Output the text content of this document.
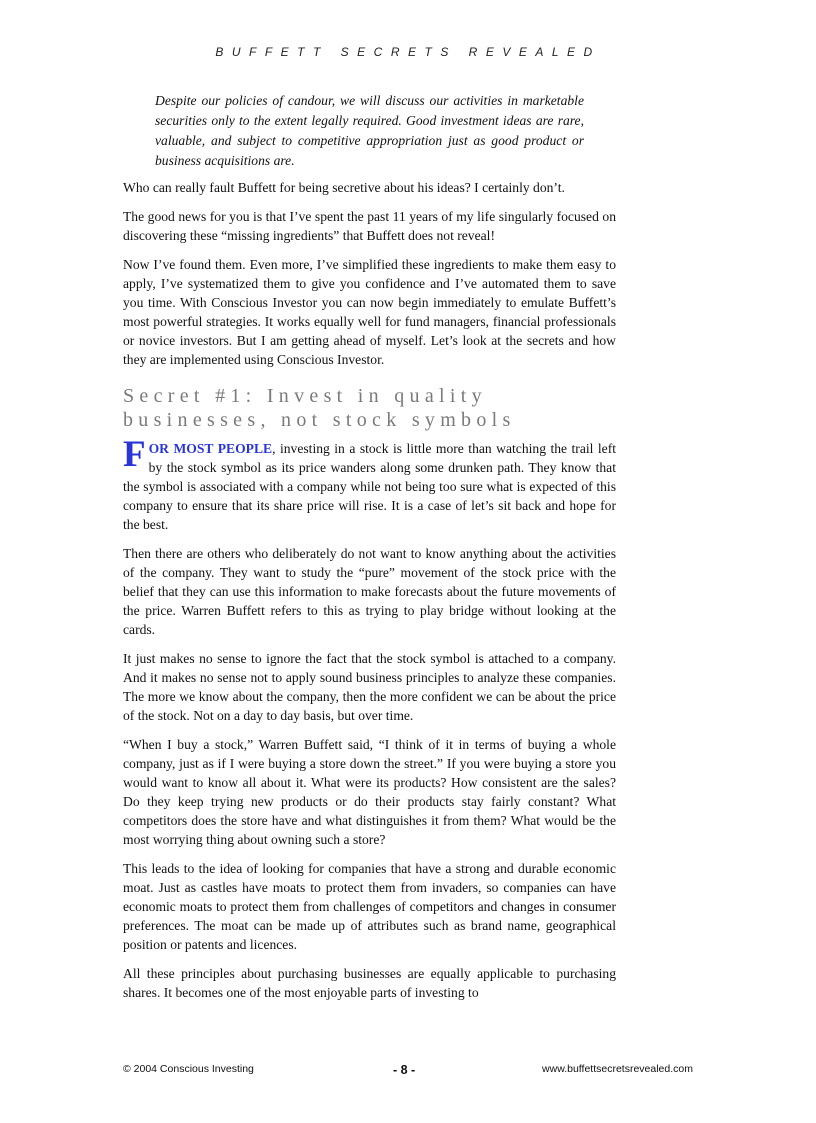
BUFFETT SECRETS REVEALED

Despite our policies of candour, we will discuss our activities in marketable securities only to the extent legally required. Good investment ideas are rare, valuable, and subject to competitive appropriation just as good product or business acquisitions are.

Who can really fault Buffett for being secretive about his ideas? I certainly don’t.

The good news for you is that I’ve spent the past 11 years of my life singularly focused on discovering these “missing ingredients” that Buffett does not reveal!

Now I’ve found them. Even more, I’ve simplified these ingredients to make them easy to apply, I’ve systematized them to give you confidence and I’ve automated them to save you time. With Conscious Investor you can now begin immediately to emulate Buffett’s most powerful strategies. It works equally well for fund managers, financial professionals or novice investors. But I am getting ahead of myself. Let’s look at the secrets and how they are implemented using Conscious Investor.

Secret #1: Invest in quality businesses, not stock symbols

FOR MOST PEOPLE, investing in a stock is little more than watching the trail left by the stock symbol as its price wanders along some drunken path. They know that the symbol is associated with a company while not being too sure what is expected of this company to ensure that its share price will rise. It is a case of let’s sit back and hope for the best.

Then there are others who deliberately do not want to know anything about the activities of the company. They want to study the “pure” movement of the stock price with the belief that they can use this information to make forecasts about the future movements of the price. Warren Buffett refers to this as trying to play bridge without looking at the cards.

It just makes no sense to ignore the fact that the stock symbol is attached to a company. And it makes no sense not to apply sound business principles to analyze these companies. The more we know about the company, then the more confident we can be about the price of the stock. Not on a day to day basis, but over time.

“When I buy a stock,” Warren Buffett said, “I think of it in terms of buying a whole company, just as if I were buying a store down the street.” If you were buying a store you would want to know all about it. What were its products? How consistent are the sales? Do they keep trying new products or do their products stay fairly constant? What competitors does the store have and what distinguishes it from them? What would be the most worrying thing about owning such a store?

This leads to the idea of looking for companies that have a strong and durable economic moat. Just as castles have moats to protect them from invaders, so companies can have economic moats to protect them from challenges of competitors and changes in consumer preferences. The moat can be made up of attributes such as brand name, geographical position or patents and licences.

All these principles about purchasing businesses are equally applicable to purchasing shares. It becomes one of the most enjoyable parts of investing to

© 2004 Conscious Investing	- 8 -	www.buffettsecretsrevealed.com
